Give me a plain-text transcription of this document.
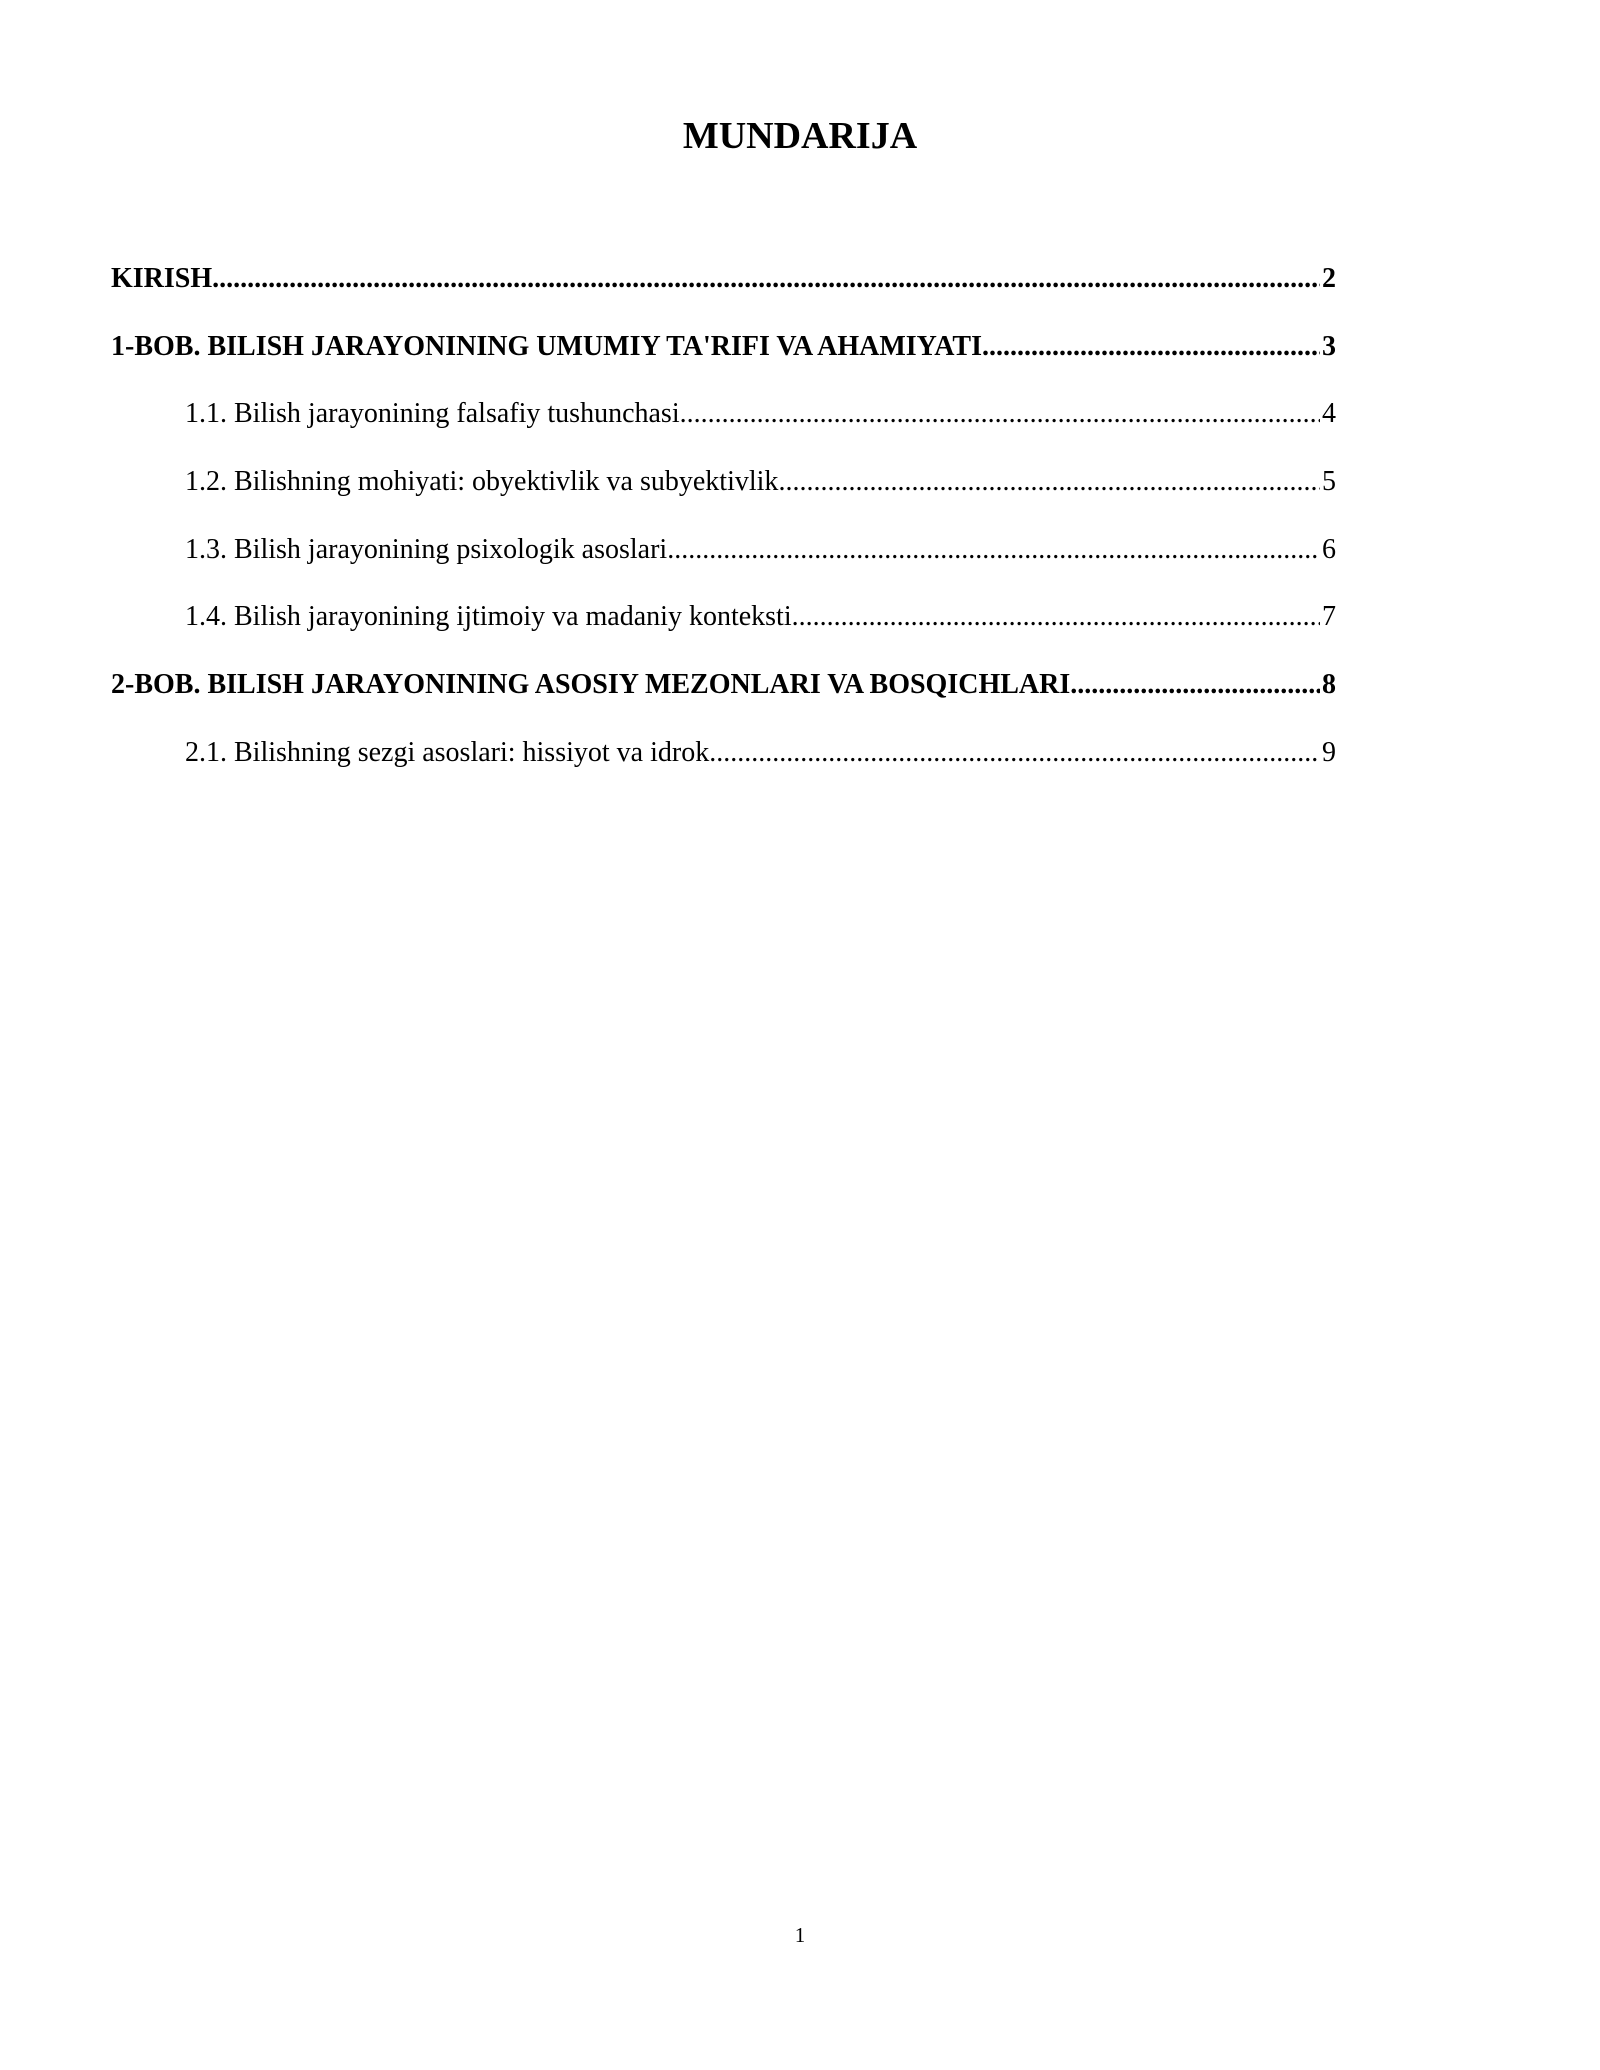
MUNDARIJA
KIRISH .....	2
1-BOB. BILISH JARAYONINING UMUMIY TA'RIFI VA AHAMIYATI .....	3
1.1. Bilish jarayonining falsafiy tushunchasi .....	4
1.2. Bilishning mohiyati: obyektivlik va subyektivlik .....	5
1.3. Bilish jarayonining psixologik asoslari .....	6
1.4. Bilish jarayonining ijtimoiy va madaniy konteksti .....	7
2-BOB. BILISH JARAYONINING ASOSIY MEZONLARI VA BOSQICHLARI .....	8
2.1. Bilishning sezgi asoslari: hissiyot va idrok .....	9
1
